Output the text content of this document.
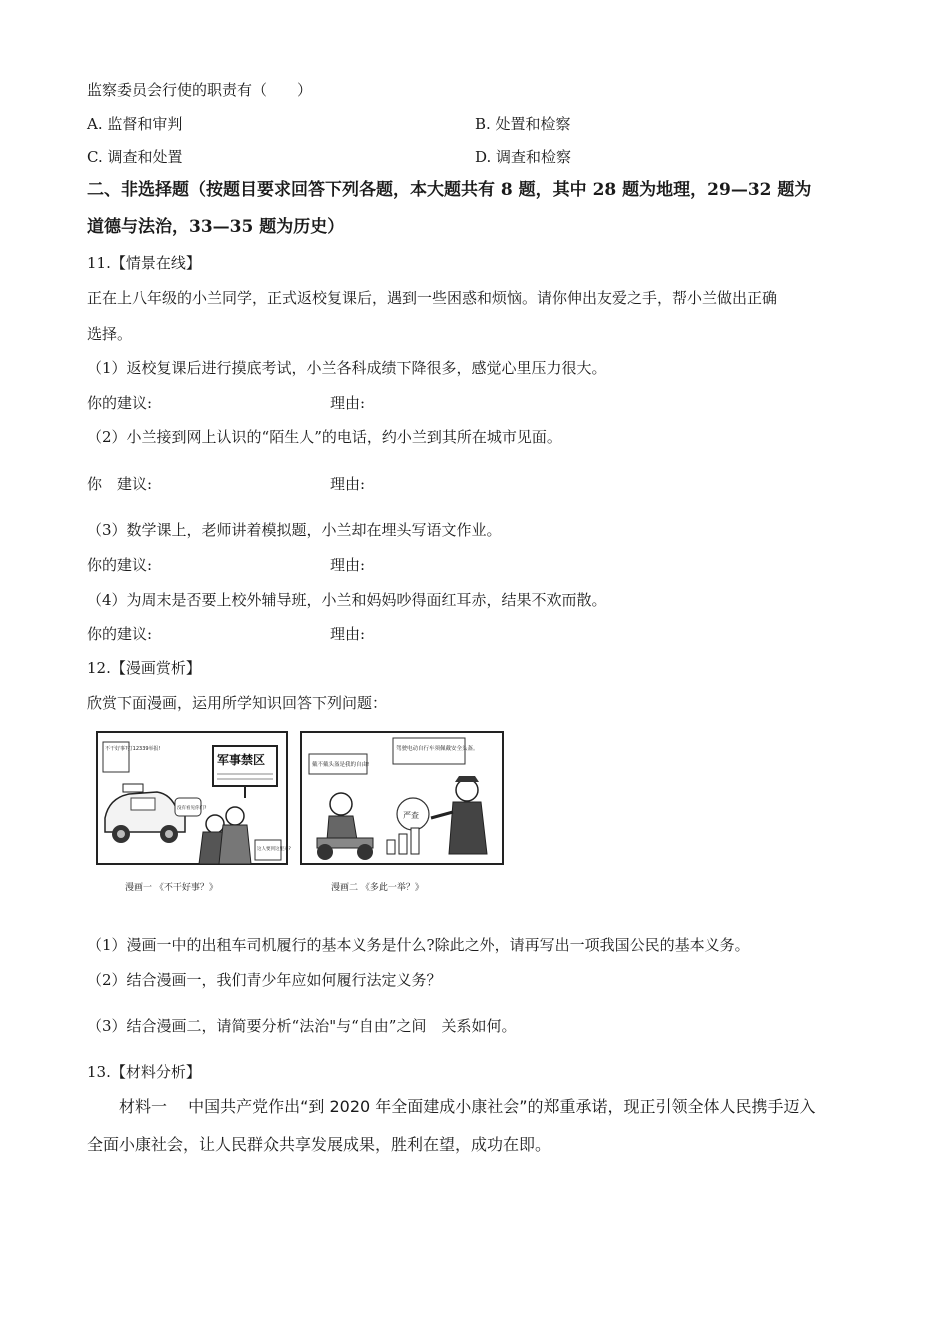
监察委员会行使的职责有（　　）
A. 监督和审判	B. 处置和检察
C. 调查和处置	D. 调查和检察
二、非选择题（按题目要求回答下列各题，本大题共有 8 题，其中 28 题为地理，29—32 题为
道德与法治，33—35 题为历史）
11.【情景在线】
正在上八年级的小兰同学，正式返校复课后，遇到一些困惑和烦恼。请你伸出友爱之手，帮小兰做出正确
选择。
（1）返校复课后进行摸底考试，小兰各科成绩下降很多，感觉心里压力很大。
你的建议:	理由:
（2）小兰接到网上认识的“陌生人”的电话，约小兰到其所在城市见面。
你　建议:	理由:
（3）数学课上，老师讲着模拟题，小兰却在埋头写语文作业。
你的建议:	理由:
（4）为周末是否要上校外辅导班，小兰和妈妈吵得面红耳赤，结果不欢而散。
你的建议:	理由:
12.【漫画赏析】
欣赏下面漫画，运用所学知识回答下列问题：
不干好事?打12339举报!
军事禁区
没有看见你们?
这人要到这里来?
戴不戴头盔是我的自由!
驾驶电动自行车须佩戴安全头盔。
严查
漫画一 《不干好事？》	漫画二 《多此一举？》
（1）漫画一中的出租车司机履行的基本义务是什么?除此之外，请再写出一项我国公民的基本义务。
（2）结合漫画一，我们青少年应如何履行法定义务？
（3）结合漫画二，请简要分析“法治"与“自由”之间　关系如何。
13.【材料分析】
材料一　 中国共产党作出“到 2020 年全面建成小康社会”的郑重承诺，现正引领全体人民携手迈入
全面小康社会，让人民群众共享发展成果，胜利在望，成功在即。
